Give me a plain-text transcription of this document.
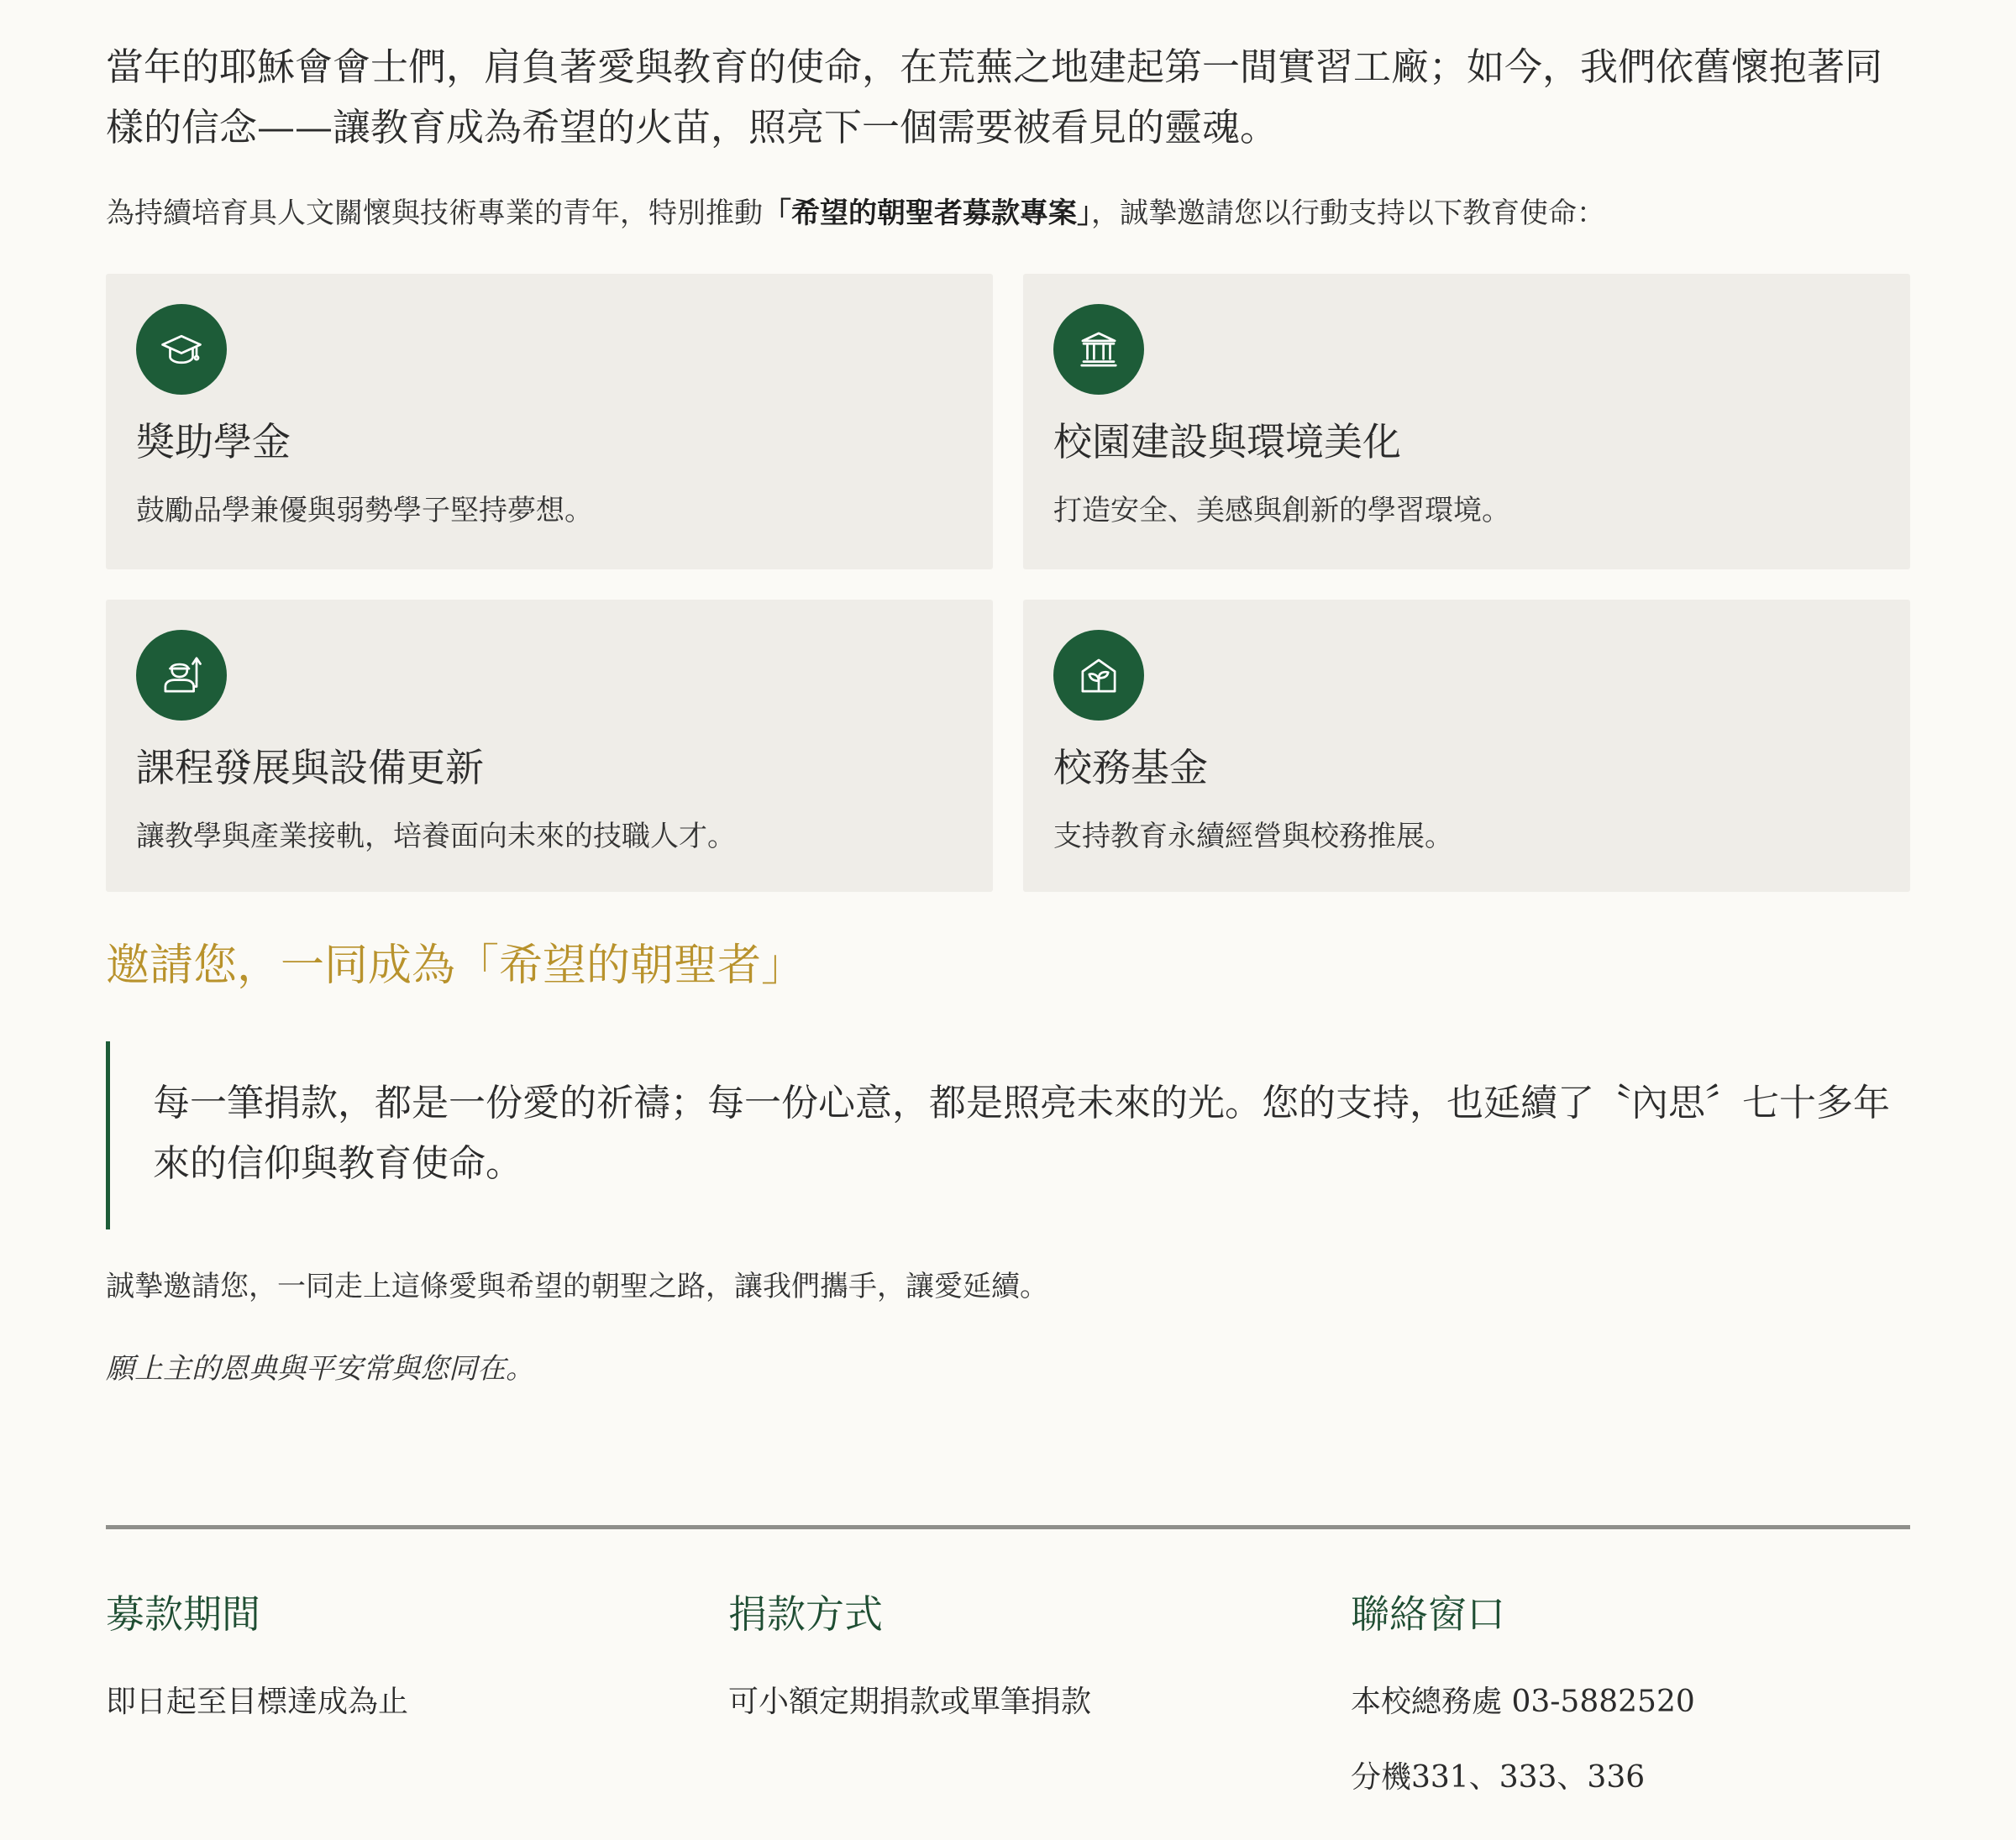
當年的耶穌會會士們，肩負著愛與教育的使命，在荒蕪之地建起第一間實習工廠；如今，我們依舊懷抱著同樣的信念——讓教育成為希望的火苗，照亮下一個需要被看見的靈魂。

為持續培育具人文關懷與技術專業的青年，特別推動「希望的朝聖者募款專案」，誠摯邀請您以行動支持以下教育使命：

獎助學金

鼓勵品學兼優與弱勢學子堅持夢想。

校園建設與環境美化

打造安全、美感與創新的學習環境。

課程發展與設備更新

讓教學與產業接軌，培養面向未來的技職人才。

校務基金

支持教育永續經營與校務推展。

邀請您，一同成為「希望的朝聖者」

每一筆捐款，都是一份愛的祈禱；每一份心意，都是照亮未來的光。您的支持，也延續了〝內思〞七十多年來的信仰與教育使命。

誠摯邀請您，一同走上這條愛與希望的朝聖之路，讓我們攜手，讓愛延續。

願上主的恩典與平安常與您同在。

募款期間
即日起至目標達成為止
捐款方式
可小額定期捐款或單筆捐款
聯絡窗口
本校總務處 03-5882520
分機331、333、336
